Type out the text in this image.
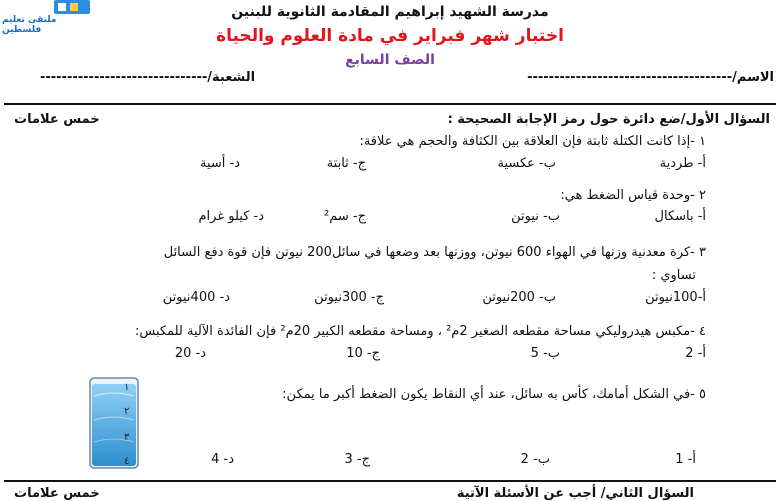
ملتقى تعليم فلسطين
مدرسة الشهيد إبراهيم المقادمة الثانوية للبنين
اختبار شهر فبراير في مادة العلوم والحياة
الصف السابع
الاسم/--------------------------------------
الشعبة/-------------------------------
السؤال الأول/ضع دائرة حول رمز الإجابة الصحيحة :
خمس علامات
١ -إذا كانت الكتلة ثابتة فإن العلاقة بين الكثافة والحجم هي علاقة:
أ- طردية
ب- عكسية
ج- ثابتة
د- أسية
٢ -وحدة قياس الضغط هي:
أ- باسكال
ب- نيوتن
ج- سم²
د- كيلو غرام
٣ -كرة معدنية وزنها في الهواء 600 نيوتن، ووزنها بعد وضعها في سائل200 نيوتن فإن قوة دفع السائل
تساوي :
أ-100نيوتن
ب- 200نيوتن
ج- 300نيوتن
د- 400نيوتن
٤ -مكبس هيدروليكي مساحة مقطعه الصغير 2م² ، ومساحة مقطعه الكبير 20م² فإن الفائدة الآلية للمكبس:
أ- 2
ب- 5
ج- 10
د- 20
٥ -في الشكل أمامك، كأس به سائل، عند أي النقاط يكون الضغط أكبر ما يمكن:
أ- 1
ب- 2
ج- 3
د- 4
١
٢
٣
٤
السؤال الثاني/ أجب عن الأسئلة الآتية
خمس علامات
